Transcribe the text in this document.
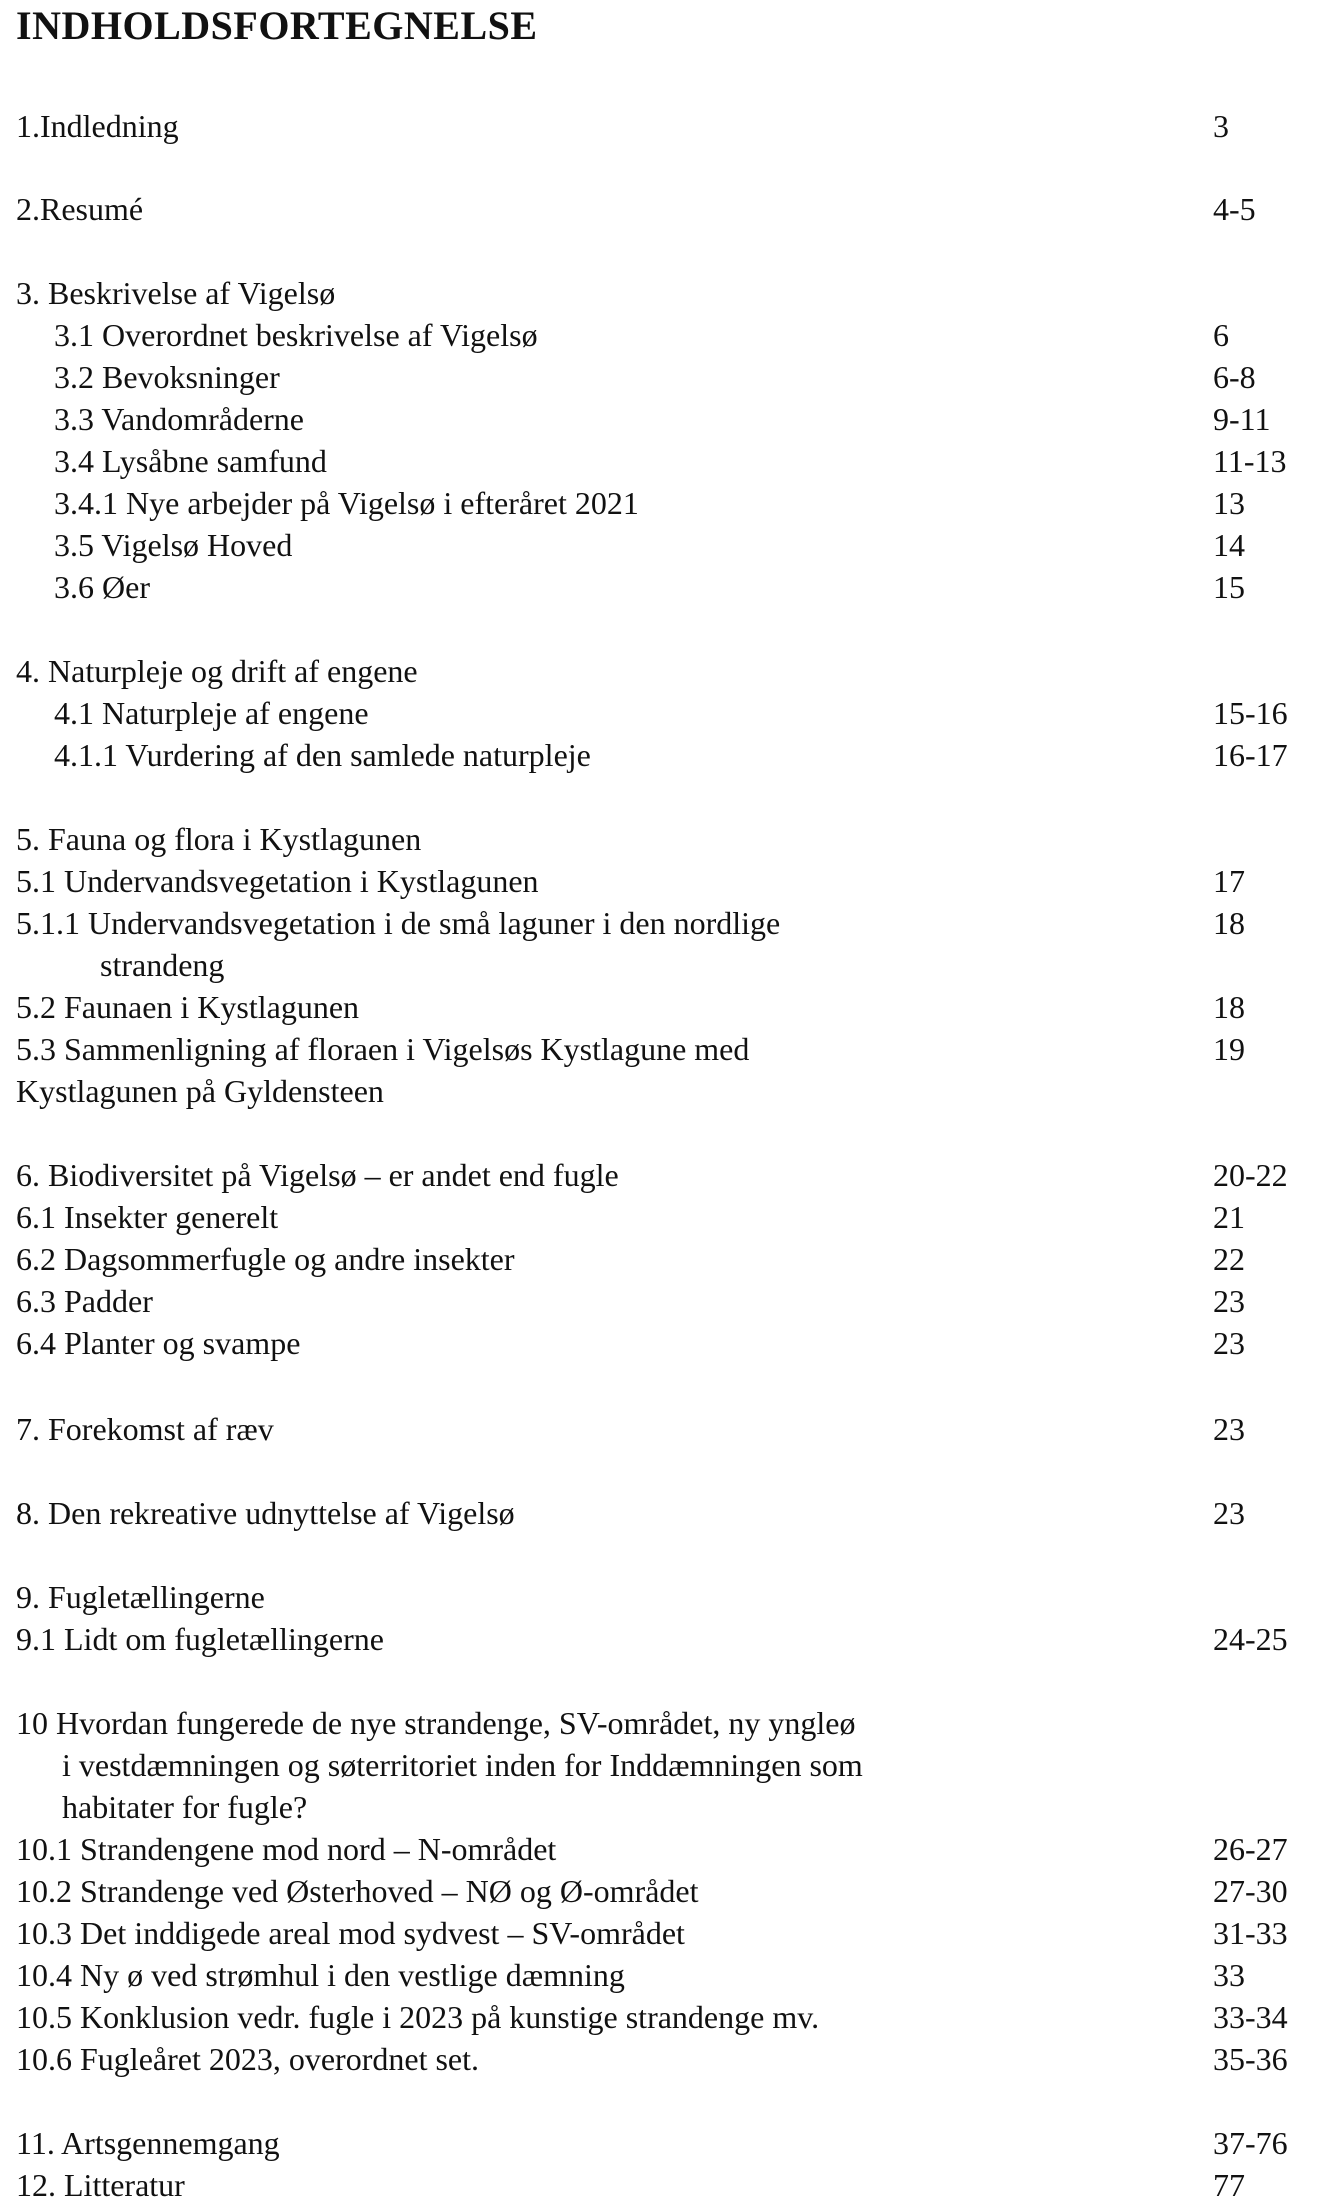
INDHOLDSFORTEGNELSE
1.Indledning	3
2.Resumé	4-5
3. Beskrivelse af Vigelsø
3.1 Overordnet beskrivelse af Vigelsø	6
3.2 Bevoksninger	6-8
3.3 Vandområderne	9-11
3.4 Lysåbne samfund	11-13
3.4.1 Nye arbejder på Vigelsø i efteråret 2021	13
3.5 Vigelsø Hoved	14
3.6 Øer	15
4. Naturpleje og drift af engene
4.1 Naturpleje af engene	15-16
4.1.1 Vurdering af den samlede naturpleje	16-17
5. Fauna og flora i Kystlagunen
5.1 Undervandsvegetation i Kystlagunen	17
5.1.1 Undervandsvegetation i de små laguner i den nordlige	18
strandeng
5.2 Faunaen i Kystlagunen	18
5.3 Sammenligning af floraen i Vigelsøs Kystlagune med	19
Kystlagunen på Gyldensteen
6. Biodiversitet på Vigelsø – er andet end fugle	20-22
6.1 Insekter generelt	21
6.2 Dagsommerfugle og andre insekter	22
6.3 Padder	23
6.4 Planter og svampe	23
7. Forekomst af ræv	23
8. Den rekreative udnyttelse af Vigelsø	23
9. Fugletællingerne
9.1 Lidt om fugletællingerne	24-25
10 Hvordan fungerede de nye strandenge, SV-området, ny yngleø
i vestdæmningen og søterritoriet inden for Inddæmningen som
habitater for fugle?
10.1 Strandengene mod nord – N-området	26-27
10.2 Strandenge ved Østerhoved – NØ og Ø-området	27-30
10.3 Det inddigede areal mod sydvest – SV-området	31-33
10.4 Ny ø ved strømhul i den vestlige dæmning	33
10.5 Konklusion vedr. fugle i 2023 på kunstige strandenge mv.	33-34
10.6 Fugleåret 2023, overordnet set.	35-36
11. Artsgennemgang	37-76
12. Litteratur	77
